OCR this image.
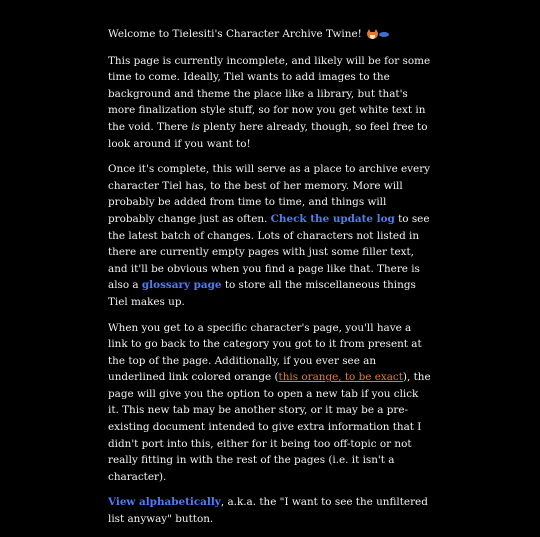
Welcome to Tielesiti's Character Archive Twine!

This page is currently incomplete, and likely will be for some time to come. Ideally, Tiel wants to add images to the background and theme the place like a library, but that's more finalization style stuff, so for now you get white text in the void. There is plenty here already, though, so feel free to look around if you want to!

Once it's complete, this will serve as a place to archive every character Tiel has, to the best of her memory. More will probably be added from time to time, and things will probably change just as often. Check the update log to see the latest batch of changes. Lots of characters not listed in there are currently empty pages with just some filler text, and it'll be obvious when you find a page like that. There is also a glossary page to store all the miscellaneous things Tiel makes up.

When you get to a specific character's page, you'll have a link to go back to the category you got to it from present at the top of the page. Additionally, if you ever see an underlined link colored orange (this orange, to be exact), the page will give you the option to open a new tab if you click it. This new tab may be another story, or it may be a pre-existing document intended to give extra information that I didn't port into this, either for it being too off-topic or not really fitting in with the rest of the pages (i.e. it isn't a character).

View alphabetically, a.k.a. the "I want to see the unfiltered list anyway" button.
